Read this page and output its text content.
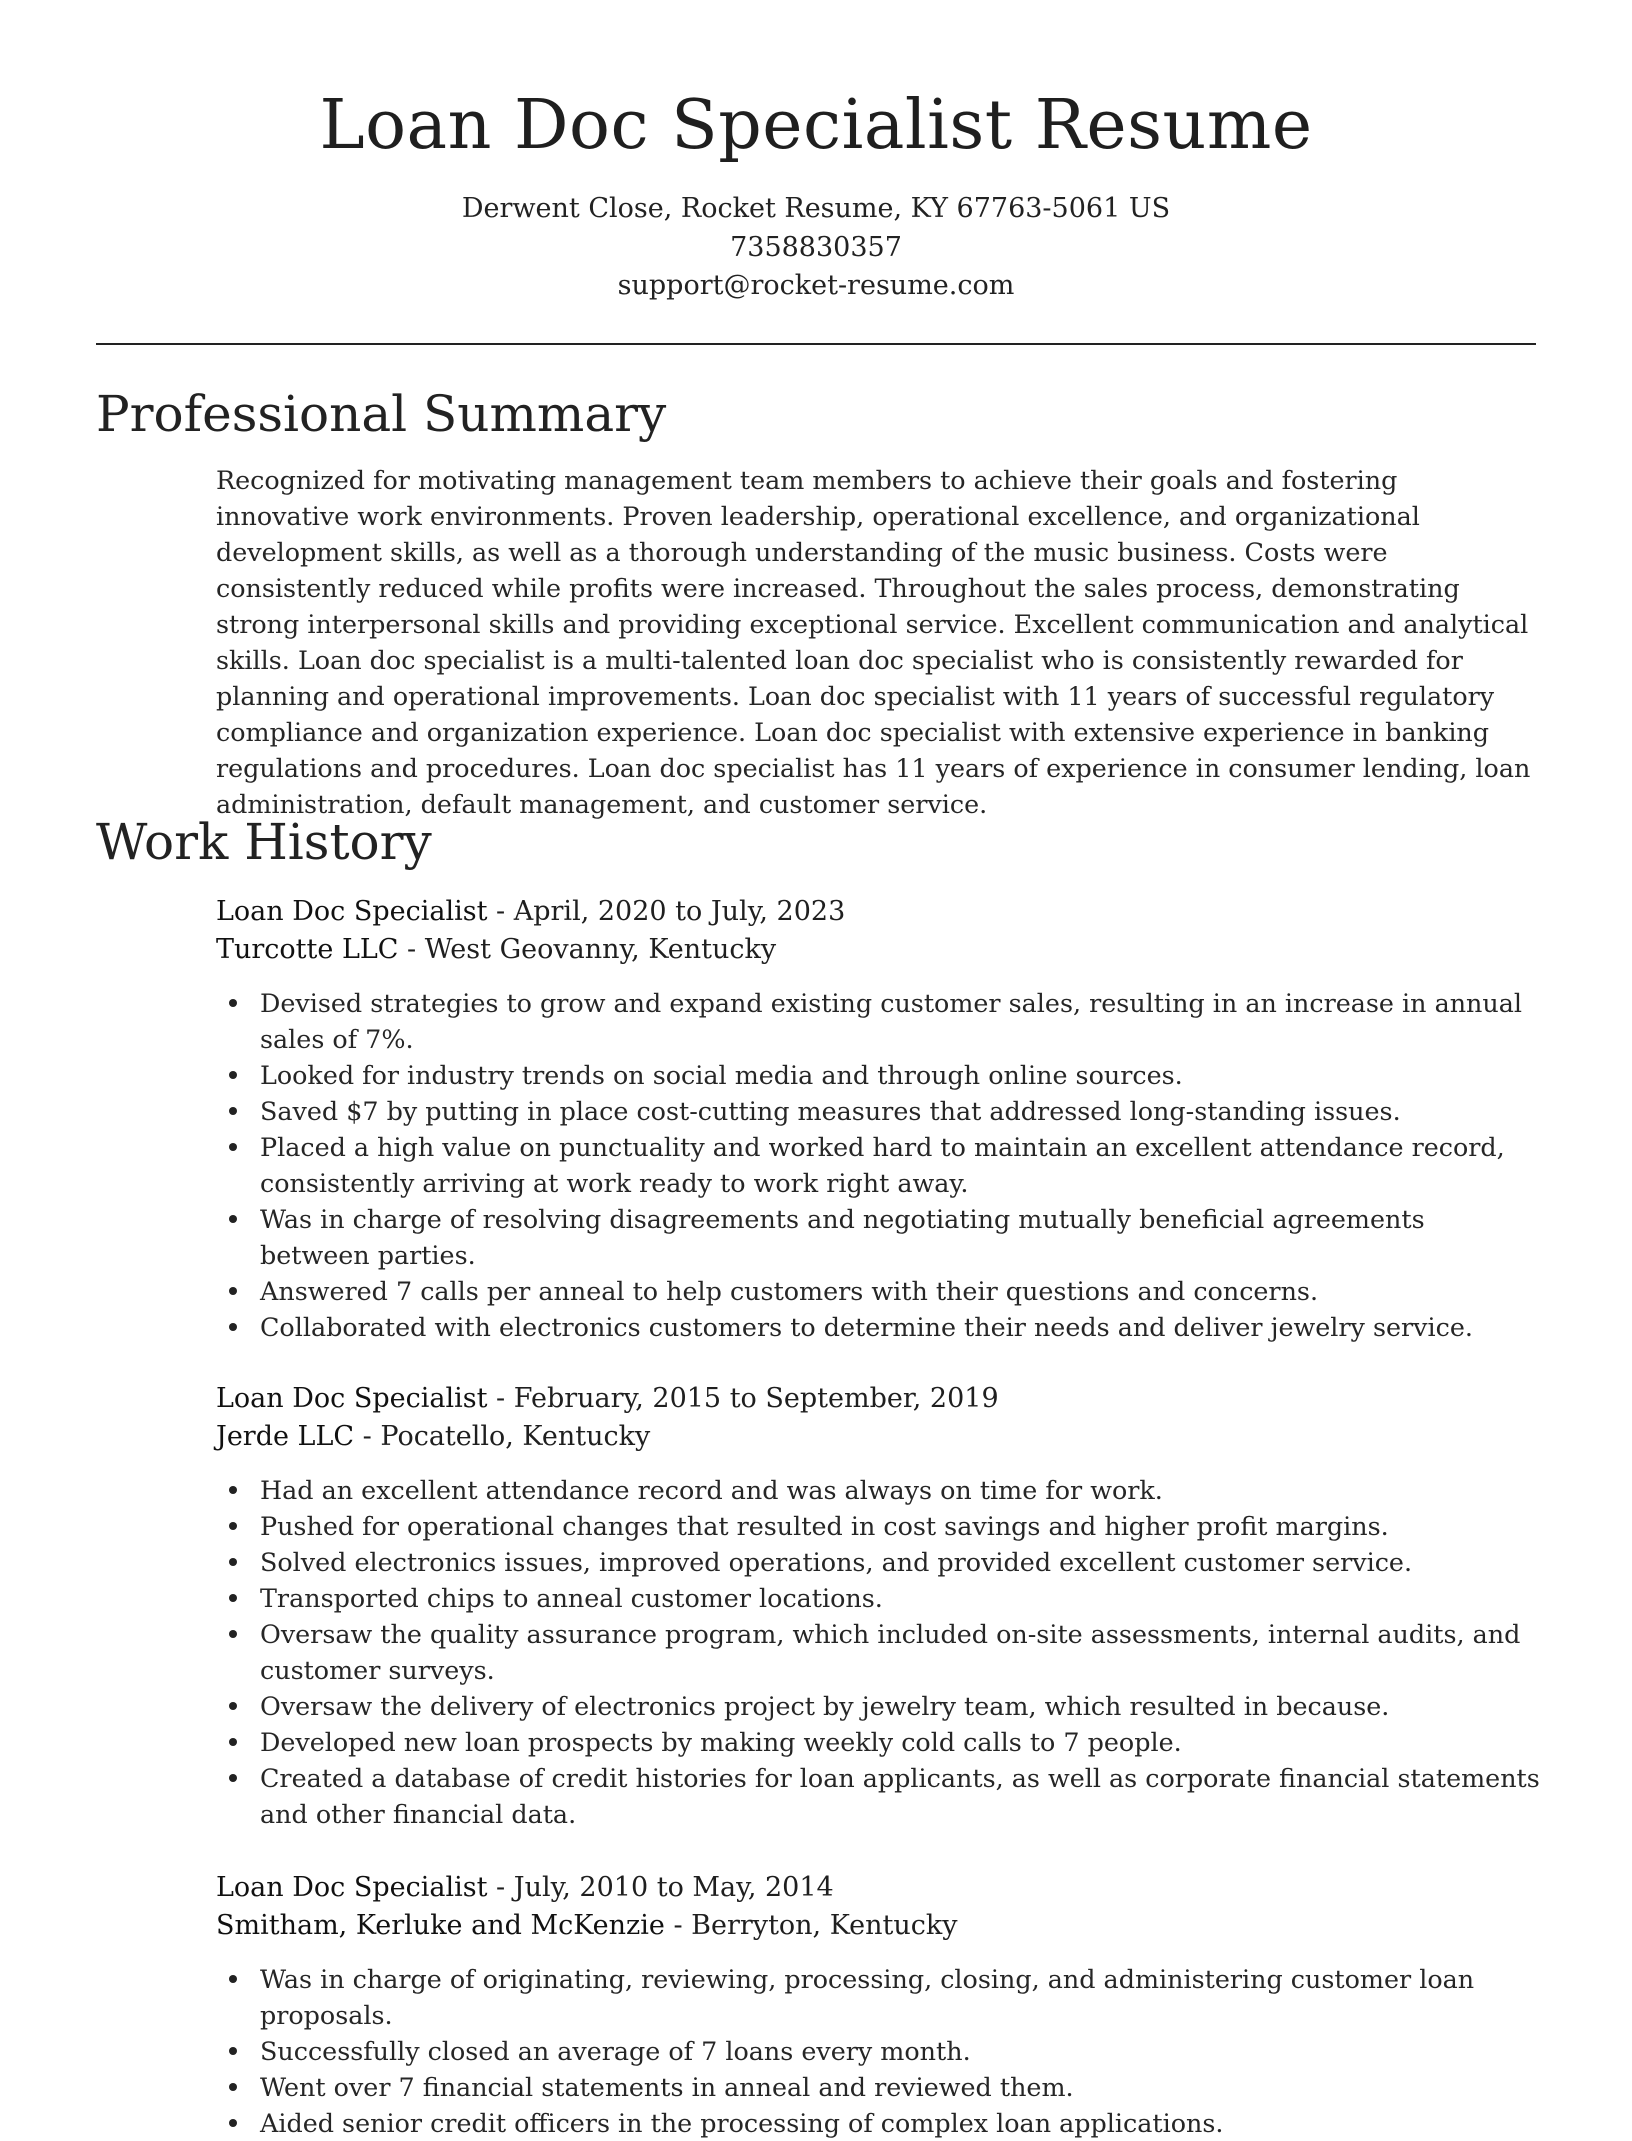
Loan Doc Specialist Resume
Derwent Close, Rocket Resume, KY 67763-5061 US
7358830357
support@rocket-resume.com
Professional Summary

Recognized for motivating management team members to achieve their goals and fostering innovative work environments. Proven leadership, operational excellence, and organizational development skills, as well as a thorough understanding of the music business. Costs were consistently reduced while profits were increased. Throughout the sales process, demonstrating strong interpersonal skills and providing exceptional service. Excellent communication and analytical skills. Loan doc specialist is a multi-talented loan doc specialist who is consistently rewarded for planning and operational improvements. Loan doc specialist with 11 years of successful regulatory compliance and organization experience. Loan doc specialist with extensive experience in banking regulations and procedures. Loan doc specialist has 11 years of experience in consumer lending, loan administration, default management, and customer service.

Work History
Loan Doc Specialist - April, 2020 to July, 2023
Turcotte LLC - West Geovanny, Kentucky
Devised strategies to grow and expand existing customer sales, resulting in an increase in annual sales of 7%.
Looked for industry trends on social media and through online sources.
Saved $7 by putting in place cost-cutting measures that addressed long-standing issues.
Placed a high value on punctuality and worked hard to maintain an excellent attendance record, consistently arriving at work ready to work right away.
Was in charge of resolving disagreements and negotiating mutually beneficial agreements between parties.
Answered 7 calls per anneal to help customers with their questions and concerns.
Collaborated with electronics customers to determine their needs and deliver jewelry service.
Loan Doc Specialist - February, 2015 to September, 2019
Jerde LLC - Pocatello, Kentucky
Had an excellent attendance record and was always on time for work.
Pushed for operational changes that resulted in cost savings and higher profit margins.
Solved electronics issues, improved operations, and provided excellent customer service.
Transported chips to anneal customer locations.
Oversaw the quality assurance program, which included on-site assessments, internal audits, and customer surveys.
Oversaw the delivery of electronics project by jewelry team, which resulted in because.
Developed new loan prospects by making weekly cold calls to 7 people.
Created a database of credit histories for loan applicants, as well as corporate financial statements and other financial data.
Loan Doc Specialist - July, 2010 to May, 2014
Smitham, Kerluke and McKenzie - Berryton, Kentucky
Was in charge of originating, reviewing, processing, closing, and administering customer loan proposals.
Successfully closed an average of 7 loans every month.
Went over 7 financial statements in anneal and reviewed them.
Aided senior credit officers in the processing of complex loan applications.
